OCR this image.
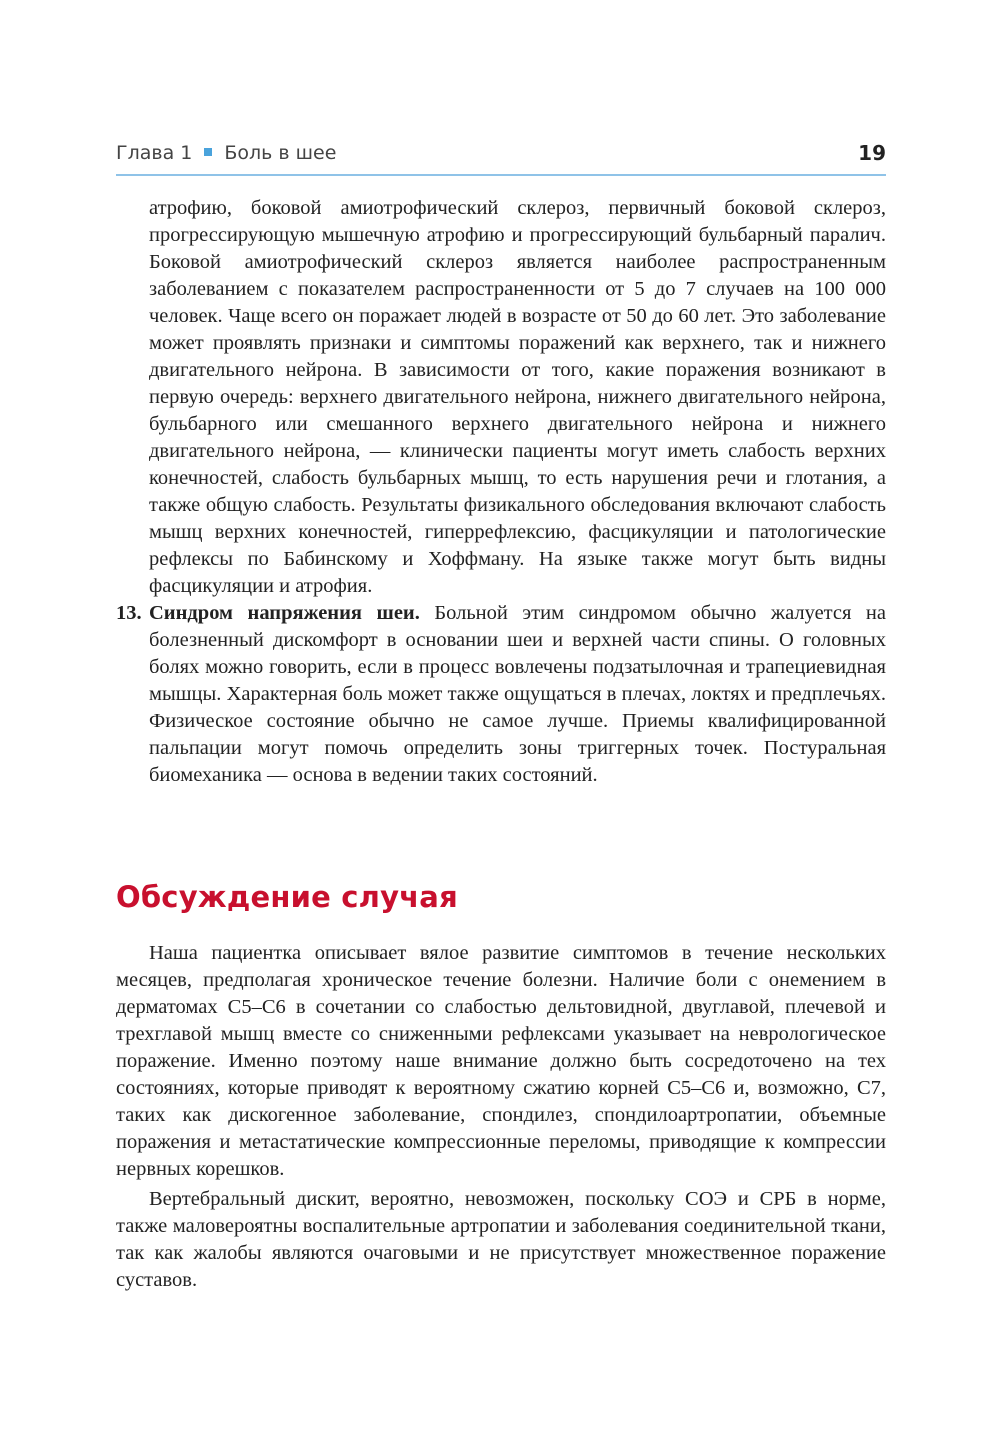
Глава 1 Боль в шее	19

атрофию, боковой амиотрофический склероз, первичный боковой склероз, прогрессирующую мышечную атрофию и прогрессирующий бульбарный паралич. Боковой амиотрофический склероз является наиболее распространенным заболеванием с показателем распространенности от 5 до 7 случаев на 100 000 человек. Чаще всего он поражает людей в возрасте от 50 до 60 лет. Это заболевание может проявлять признаки и симптомы поражений как верхнего, так и нижнего двигательного нейрона. В зависимости от того, какие поражения возникают в первую очередь: верхнего двигательного нейрона, нижнего двигательного нейрона, бульбарного или смешанного верхнего двигательного нейрона и нижнего двигательного нейрона, — клинически пациенты могут иметь слабость верхних конечностей, слабость бульбарных мышц, то есть нарушения речи и глотания, а также общую слабость. Результаты физикального обследования включают слабость мышц верхних конечностей, гиперрефлексию, фасцикуляции и патологические рефлексы по Бабинскому и Хоффману. На языке также могут быть видны фасцикуляции и атрофия.

13. Синдром напряжения шеи. Больной этим синдромом обычно жалуется на болезненный дискомфорт в основании шеи и верхней части спины. О головных болях можно говорить, если в процесс вовлечены подзатылочная и трапециевидная мышцы. Характерная боль может также ощущаться в плечах, локтях и предплечьях. Физическое состояние обычно не самое лучше. Приемы квалифицированной пальпации могут помочь определить зоны триггерных точек. Постуральная биомеханика — основа в ведении таких состояний.

Обсуждение случая

Наша пациентка описывает вялое развитие симптомов в течение нескольких месяцев, предполагая хроническое течение болезни. Наличие боли с онемением в дерматомах C5–C6 в сочетании со слабостью дельтовидной, двуглавой, плечевой и трехглавой мышц вместе со сниженными рефлексами указывает на неврологическое поражение. Именно поэтому наше внимание должно быть сосредоточено на тех состояниях, которые приводят к вероятному сжатию корней C5–C6 и, возможно, C7, таких как дискогенное заболевание, спондилез, спондилоартропатии, объемные поражения и метастатические компрессионные переломы, приводящие к компрессии нервных корешков.

Вертебральный дискит, вероятно, невозможен, поскольку СОЭ и СРБ в норме, также маловероятны воспалительные артропатии и заболевания соединительной ткани, так как жалобы являются очаговыми и не присутствует множественное поражение суставов.
